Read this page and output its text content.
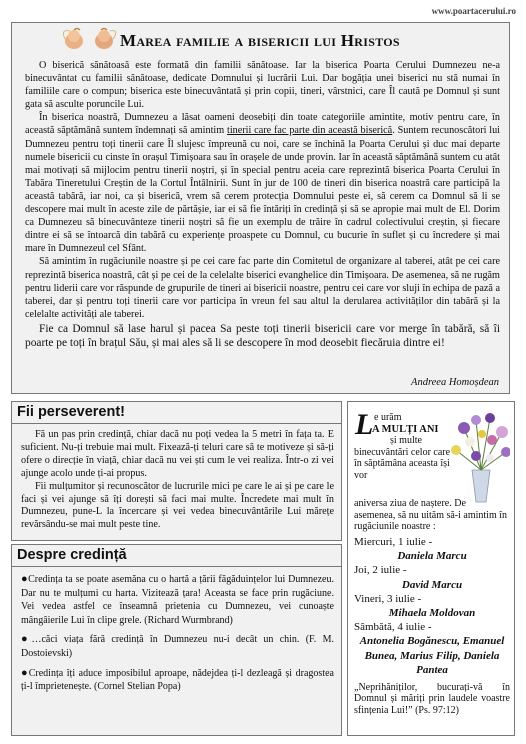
www.poartacerului.ro
Marea familie a bisericii lui Hristos

O biserică sănătoasă este formată din familii sănătoase. Iar la biserica Poarta Cerului Dumnezeu ne-a binecuvântat cu familii sănătoase, dedicate Domnului și lucrării Lui. Dar bogăția unei biserici nu stă numai în familiile care o compun; biserica este binecuvântată și prin copii, tineri, vârstnici, care Îl caută pe Domnul și sunt gata să asculte poruncile Lui.

În biserica noastră, Dumnezeu a lăsat oameni deosebiți din toate categoriile amintite, motiv pentru care, în această săptămână suntem îndemnați să amintim tinerii care fac parte din această biserică. Suntem recunoscători lui Dumnezeu pentru toți tinerii care Îl slujesc împreună cu noi, care se închină la Poarta Cerului și duc mai departe numele bisericii cu cinste în orașul Timișoara sau în orașele de unde provin. Iar în această săptămână suntem cu atât mai motivați să mijlocim pentru tinerii noștri, și în special pentru aceia care reprezintă biserica Poarta Cerului în Tabăra Tineretului Creștin de la Cortul Întâlnirii. Sunt în jur de 100 de tineri din biserica noastră care participă la această tabără, iar noi, ca și biserică, vrem să cerem protecția Domnului peste ei, să cerem ca Domnul să li se descopere mai mult în aceste zile de părtășie, iar ei să fie întăriți în credință și să se apropie mai mult de El. Dorim ca Dumnezeu să binecuvânteze tinerii noștri să fie un exemplu de trăire în cadrul colectivului creștin, și fiecare dintre ei să se întoarcă din tabără cu experiențe proaspete cu Domnul, cu bucurie în suflet și cu încredere și mai mare în Dumnezeul cel Sfânt.

Să amintim în rugăciunile noastre și pe cei care fac parte din Comitetul de organizare al taberei, atât pe cei care reprezintă biserica noastră, cât și pe cei de la celelalte biserici evanghelice din Timișoara. De asemenea, să ne rugăm pentru liderii care vor răspunde de grupurile de tineri ai bisericii noastre, pentru cei care vor sluji în echipa de pază a taberei, dar și pentru toți tinerii care vor participa în vreun fel sau altul la derularea activităților din tabără și la celelalte activități ale taberei.

Fie ca Domnul să lase harul și pacea Sa peste toți tinerii bisericii care vor merge în tabără, să îi poarte pe toți în brațul Său, și mai ales să li se descopere în mod deosebit fiecăruia dintre ei!

Andreea Homoșdean
Fii perseverent!

Fă un pas prin credință, chiar dacă nu poți vedea la 5 metri în fața ta. E suficient. Nu-ți trebuie mai mult. Fixează-ți teluri care să te motiveze și să-ți ofere o direcție în viață, chiar dacă nu vei ști cum le vei realiza. Într-o zi vei ajunge acolo unde ți-ai propus.

Fii mulțumitor și recunoscător de lucrurile mici pe care le ai și pe care le faci și vei ajunge să îți dorești să faci mai multe. Încredete mai mult în Dumnezeu, pune-L la încercare și vei vedea binecuvântările Lui mărețe revărsându-se mai mult peste tine.

Despre credință

●Credința ta se poate asemăna cu o hartă a țării făgăduințelor lui Dumnezeu. Dar nu te mulțumi cu harta. Vizitează țara! Aceasta se face prin rugăciune. Vei vedea astfel ce înseamnă prietenia cu Dumnezeu, vei cunoaște mângâierile Lui în clipe grele. (Richard Wurmbrand)

●…căci viața fără credință în Dumnezeu nu-i decât un chin. (F. M. Dostoievski)

●Credința îți aduce imposibilul aproape, nădejdea ți-l dezleagă și dragostea ți-l împrietenește. (Cornel Stelian Popa)

L e urăm
A MULȚI ANI
și multe
binecuvântări celor care în săptămâna aceasta își vor
aniversa ziua de naștere. De asemenea, să nu uităm să-i amintim în rugăciunile noastre :
Miercuri, 1 iulie -
Daniela Marcu
Joi, 2 iulie -
David Marcu
Vineri, 3 iulie -
Mihaela Moldovan
Sâmbătă, 4 iulie -
Antonelia Bogănescu, Emanuel Bunea, Marius Filip, Daniela Pantea
„Neprihăniților, bucurați-vă în Domnul și măriți prin laudele voastre sfințenia Lui!” (Ps. 97:12)
